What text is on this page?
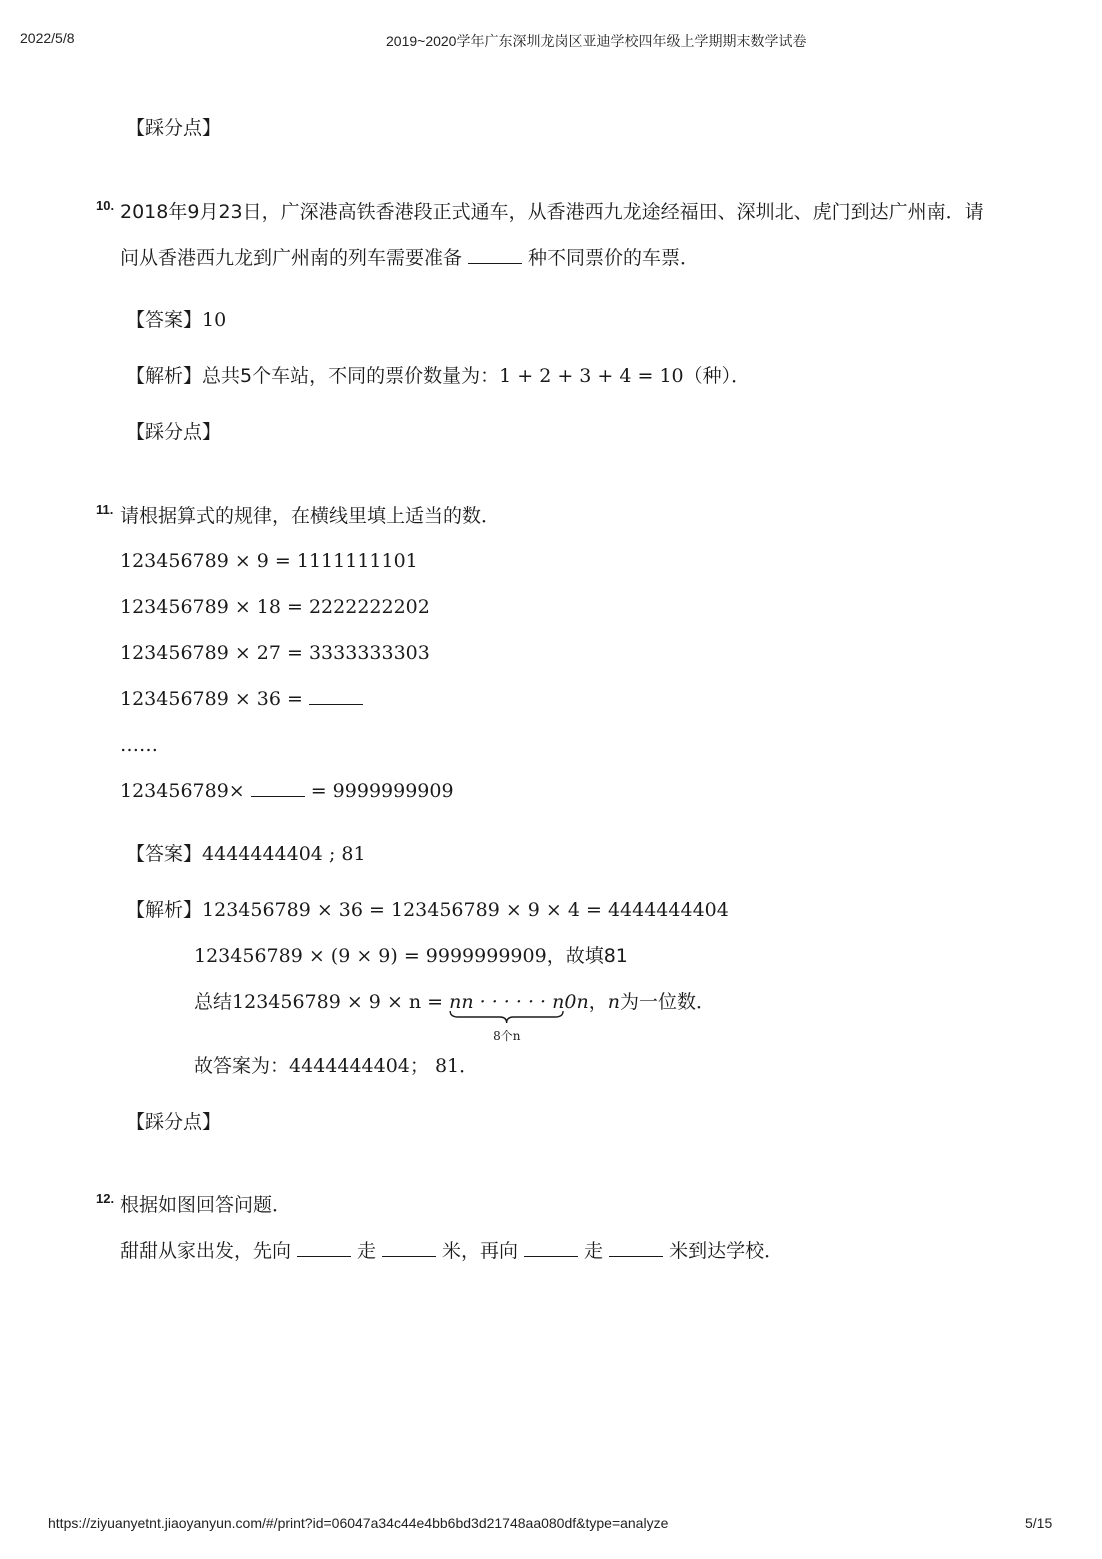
2022/5/8	2019~2020学年广东深圳龙岗区亚迪学校四年级上学期期末数学试卷
【踩分点】
10. 2018年9月23日，广深港高铁香港段正式通车，从香港西九龙途经福田、深圳北、虎门到达广州南．请
问从香港西九龙到广州南的列车需要准备	种不同票价的车票．
【答案】10
【解析】总共5个车站，不同的票价数量为：1 + 2 + 3 + 4 = 10（种）．
【踩分点】
11. 请根据算式的规律，在横线里填上适当的数．
123456789 × 9 = 1111111101
123456789 × 18 = 2222222202
123456789 × 27 = 3333333303
123456789 × 36 =
……
123456789×	= 9999999909
【答案】4444444404 ; 81
【解析】123456789 × 36 = 123456789 × 9 × 4 = 4444444404
123456789 × (9 × 9) = 9999999909，故填81
总结123456789 × 9 × n = nn · · · · · · n
8个n
0n，n为一位数．
故答案为：4444444404； 81．
【踩分点】
12. 根据如图回答问题．
甜甜从家出发，先向	走	米，再向	走	米到达学校．
https://ziyuanyetnt.jiaoyanyun.com/#/print?id=06047a34c44e4bb6bd3d21748aa080df&type=analyze	5/15
